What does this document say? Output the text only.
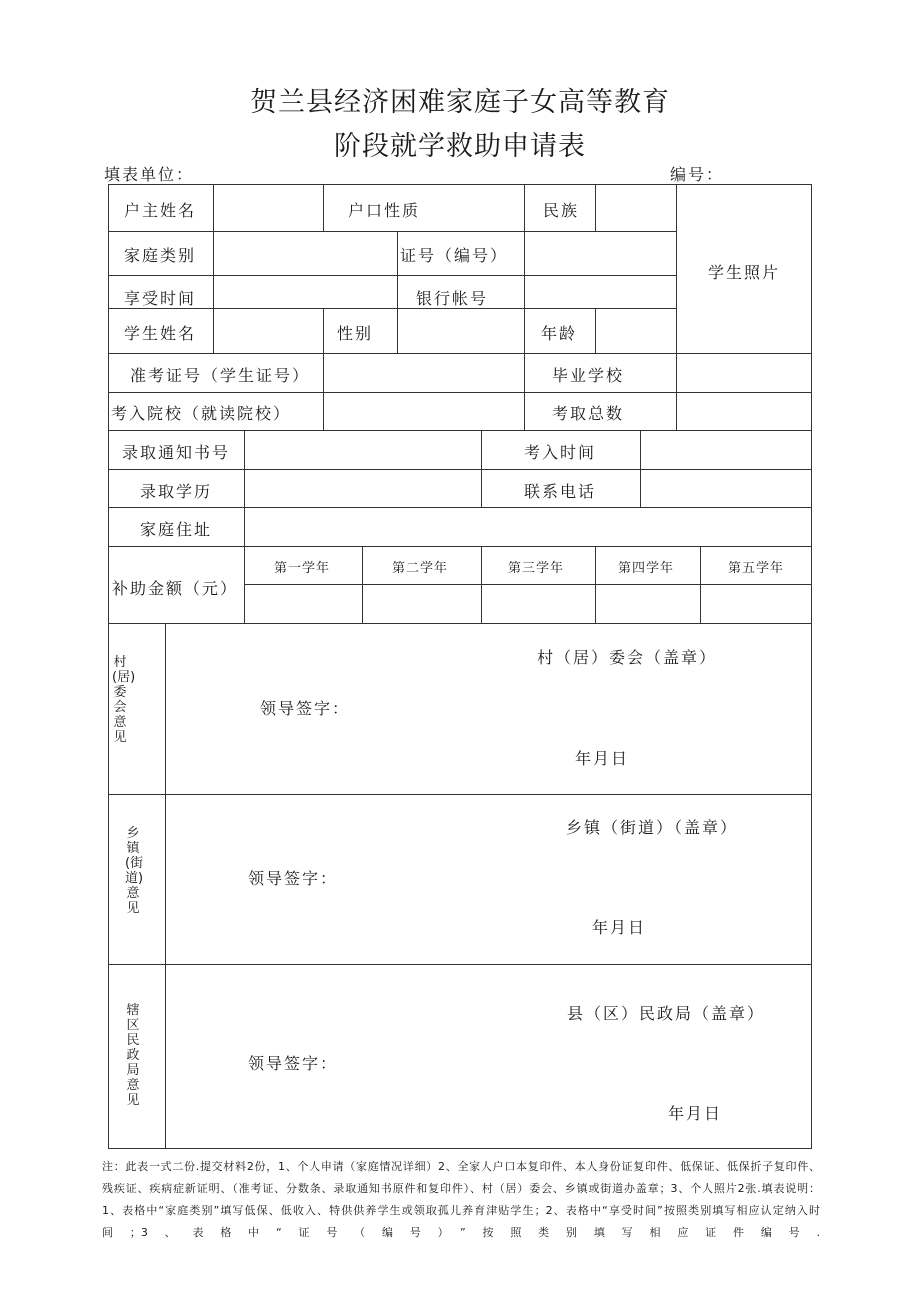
贺兰县经济困难家庭子女高等教育
阶段就学救助申请表
填表单位：	编号：
户主姓名	户口性质	民族
学生照片
家庭类别	证号（编号）
享受时间	银行帐号
学生姓名	性别	年龄
准考证号（学生证号）	毕业学校
考入院校（就读院校）	考取总数
录取通知书号	考入时间
录取学历	联系电话
家庭住址
补助金额（元）
第一学年	第二学年	第三学年	第四学年	第五学年
村(居)委会意见
村（居）委会（盖章）
领导签字：
年月日
乡镇(街道)意见
乡镇（街道）（盖章）
领导签字：
年月日
辖区民政局意见
县（区）民政局（盖章）
领导签字：
年月日

注：此表一式二份.提交材料2份，1、个人申请（家庭情况详细）2、全家人户口本复印件、本人身份证复印件、低保证、低保折子复印件、

残疾证、疾病症新证明、（准考证、分数条、录取通知书原件和复印件）、村（居）委会、乡镇或街道办盖章；3、个人照片2张.填表说明：

1、表格中“家庭类别”填写低保、低收入、特供供养学生或领取孤儿养育津贴学生；2、表格中“享受时间”按照类别填写相应认定纳入时

间；3、表格中“证号（编号）”按照类别填写相应证件编号.
